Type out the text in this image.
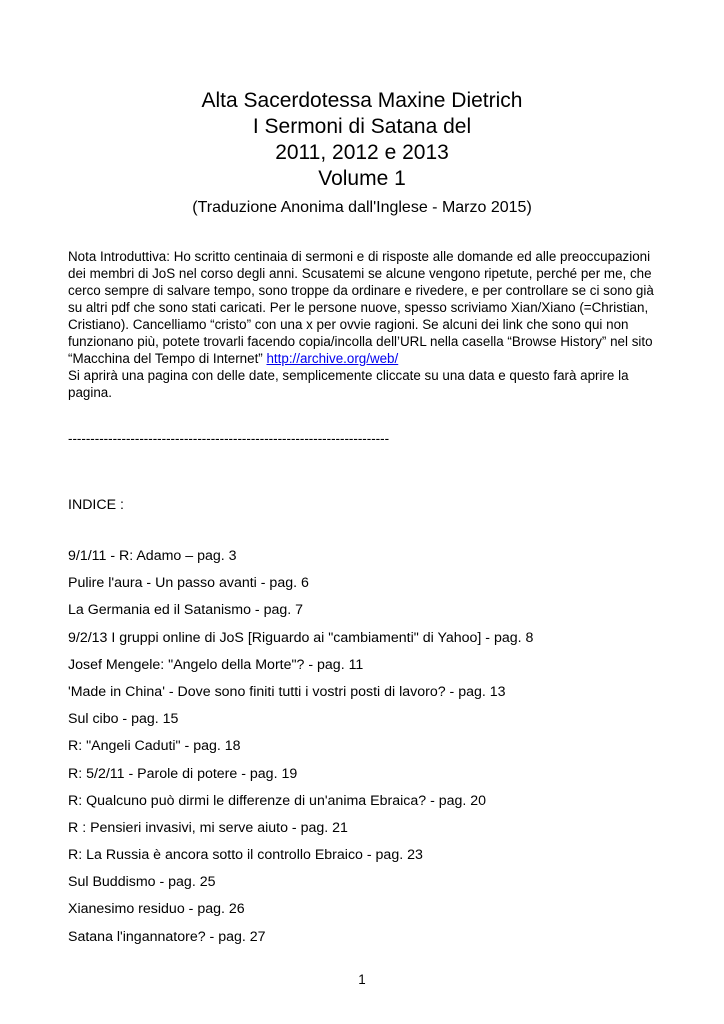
Alta Sacerdotessa Maxine Dietrich
I Sermoni di Satana del
2011, 2012 e 2013
Volume 1
(Traduzione Anonima dall'Inglese - Marzo 2015)
Nota Introduttiva: Ho scritto centinaia di sermoni e di risposte alle domande ed alle preoccupazioni dei membri di JoS nel corso degli anni. Scusatemi se alcune vengono ripetute, perché per me, che cerco sempre di salvare tempo, sono troppe da ordinare e rivedere, e per controllare se ci sono già su altri pdf che sono stati caricati. Per le persone nuove, spesso scriviamo Xian/Xiano (=Christian, Cristiano). Cancelliamo “cristo” con una x per ovvie ragioni. Se alcuni dei link che sono qui non funzionano più, potete trovarli facendo copia/incolla dell’URL nella casella “Browse History” nel sito “Macchina del Tempo di Internet” http://archive.org/web/
Si aprirà una pagina con delle date, semplicemente cliccate su una data e questo farà aprire la pagina.
------------------------------------------------------------------------
INDICE :
9/1/11 - R: Adamo – pag. 3
Pulire l'aura - Un passo avanti - pag. 6
La Germania ed il Satanismo - pag. 7
9/2/13 I gruppi online di JoS [Riguardo ai "cambiamenti" di Yahoo] - pag. 8
Josef Mengele: "Angelo della Morte"? - pag. 11
'Made in China' - Dove sono finiti tutti i vostri posti di lavoro? - pag. 13
Sul cibo - pag. 15
R: "Angeli Caduti" - pag. 18
R: 5/2/11 - Parole di potere - pag. 19
R: Qualcuno può dirmi le differenze di un'anima Ebraica? - pag. 20
R : Pensieri invasivi, mi serve aiuto - pag. 21
R: La Russia è ancora sotto il controllo Ebraico - pag. 23
Sul Buddismo - pag. 25
Xianesimo residuo - pag. 26
Satana l'ingannatore? - pag. 27
1
